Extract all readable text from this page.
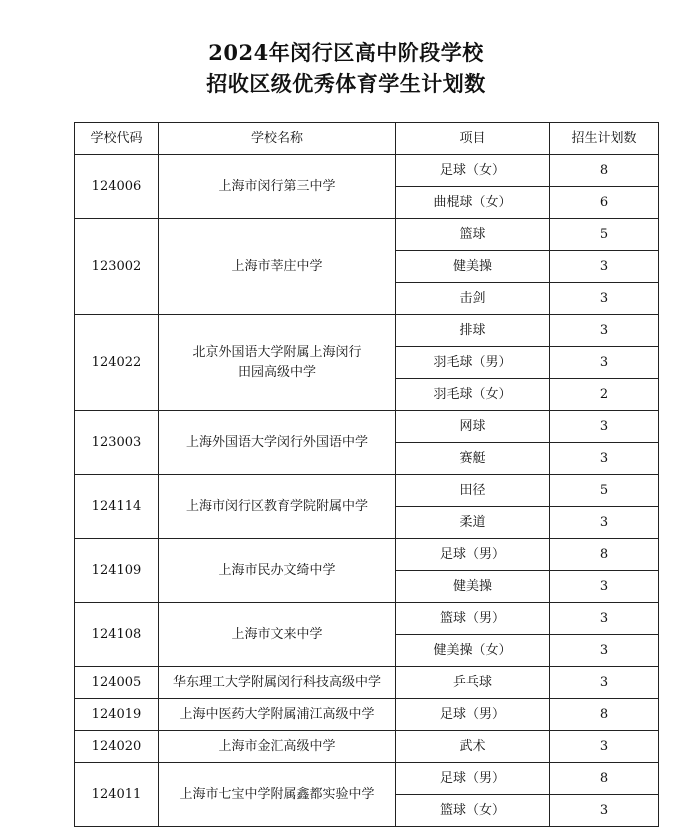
2024年闵行区高中阶段学校
招收区级优秀体育学生计划数
学校代码	学校名称	项目	招生计划数
124006	上海市闵行第三中学	足球（女）	8
		曲棍球（女）	6
123002	上海市莘庄中学	篮球	5
		健美操	3
		击剑	3
124022	北京外国语大学附属上海闵行
田园高级中学	排球	3
		羽毛球（男）	3
		羽毛球（女）	2
123003	上海外国语大学闵行外国语中学	网球	3
		赛艇	3
124114	上海市闵行区教育学院附属中学	田径	5
		柔道	3
124109	上海市民办文绮中学	足球（男）	8
		健美操	3
124108	上海市文来中学	篮球（男）	3
		健美操（女）	3
124005	华东理工大学附属闵行科技高级中学	乒乓球	3
124019	上海中医药大学附属浦江高级中学	足球（男）	8
124020	上海市金汇高级中学	武术	3
124011	上海市七宝中学附属鑫都实验中学	足球（男）	8
		篮球（女）	3
